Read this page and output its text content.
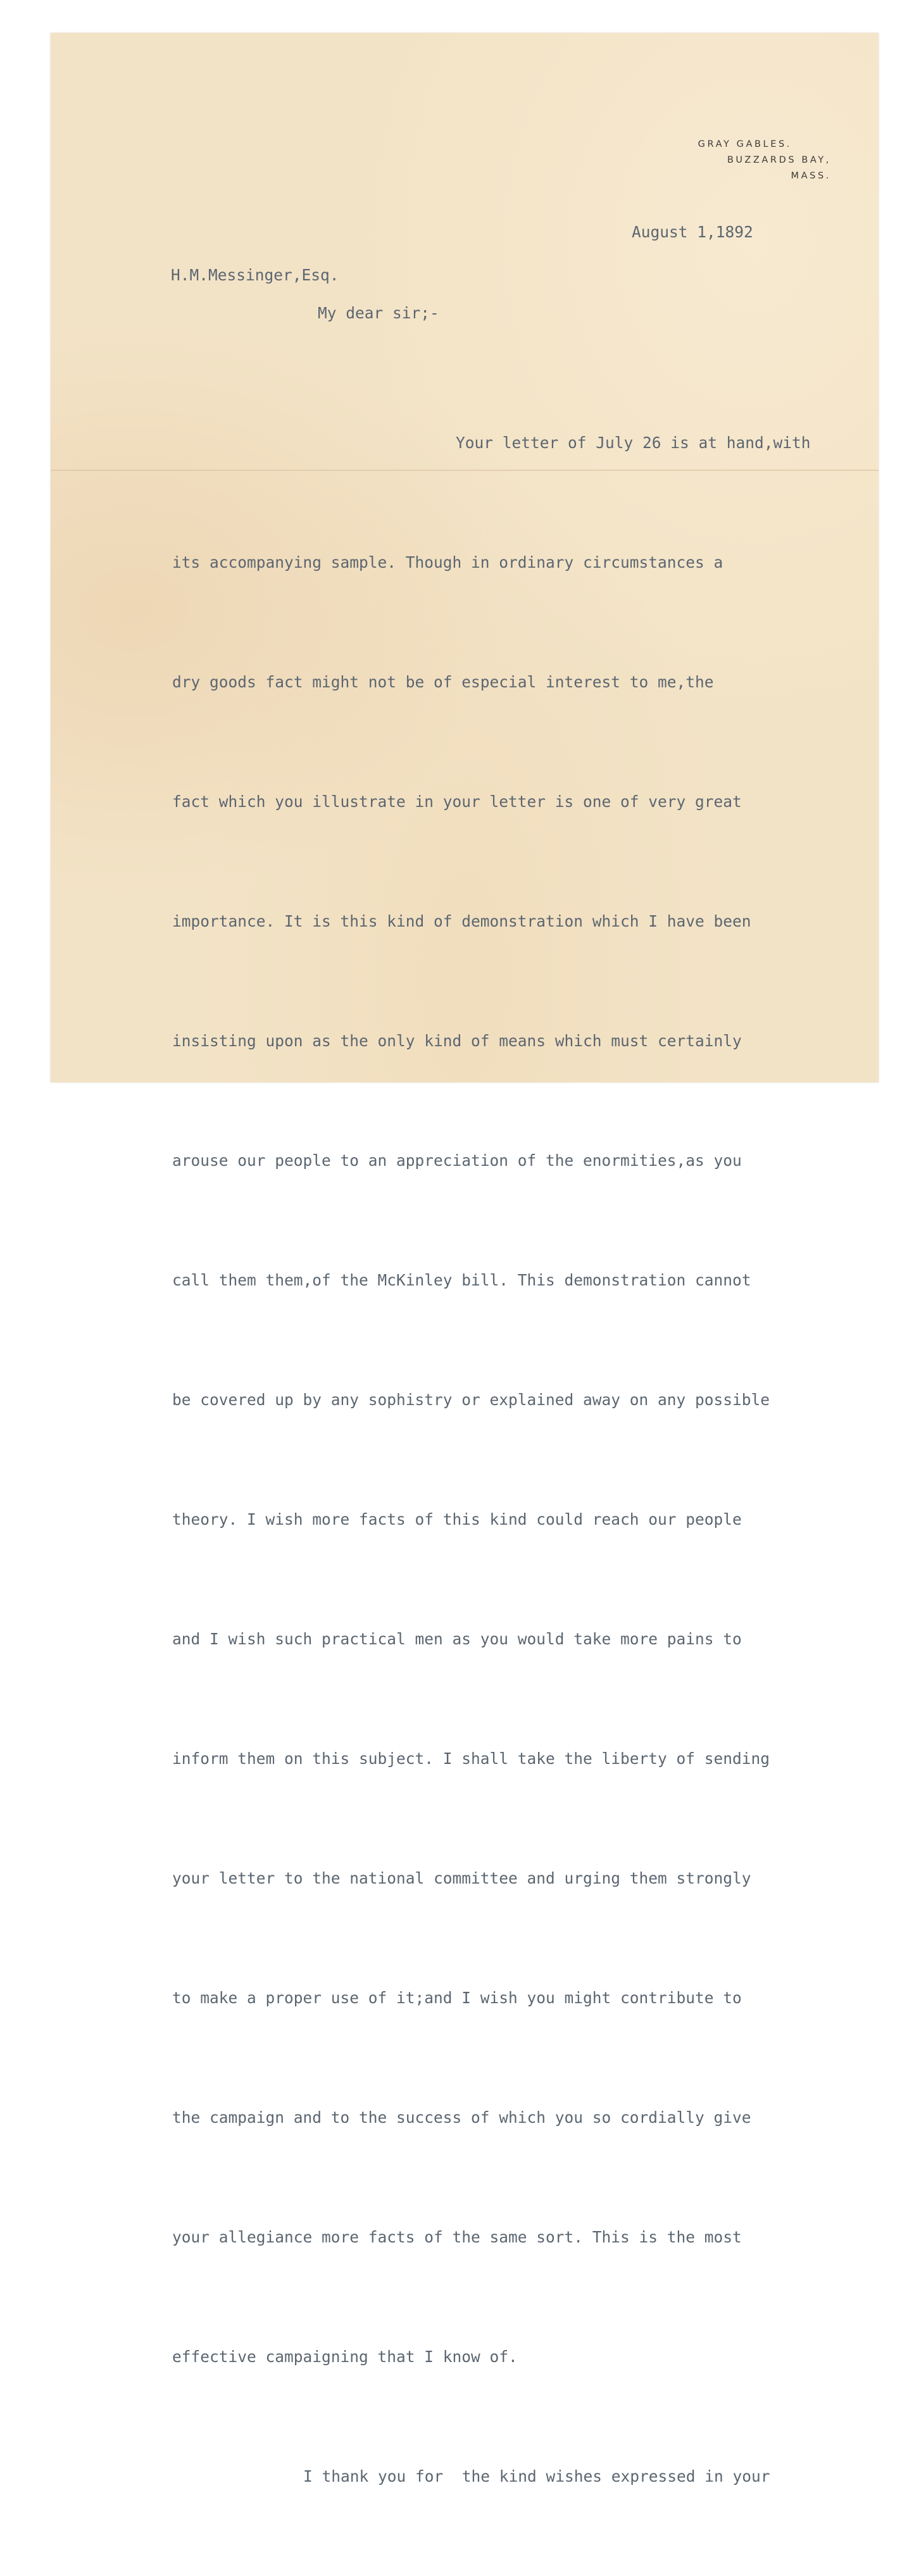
GRAY GABLES.
BUZZARDS BAY,
MASS.
August 1,1892
H.M.Messinger,Esq.
My dear sir;-

Your letter of July 26 is at hand,with

its accompanying sample. Though in ordinary circumstances a

dry goods fact might not be of especial interest to me,the

fact which you illustrate in your letter is one of very great

importance. It is this kind of demonstration which I have been

insisting upon as the only kind of means which must certainly

arouse our people to an appreciation of the enormities,as you

call them them,of the McKinley bill. This demonstration cannot

be covered up by any sophistry or explained away on any possible

theory. I wish more facts of this kind could reach our people

and I wish such practical men as you would take more pains to

inform them on this subject. I shall take the liberty of sending

your letter to the national committee and urging them strongly

to make a proper use of it;and I wish you might contribute to

the campaign and to the success of which you so cordially give

your allegiance more facts of the same sort. This is the most

effective campaigning that I know of.

I thank you for  the kind wishes expressed in your
